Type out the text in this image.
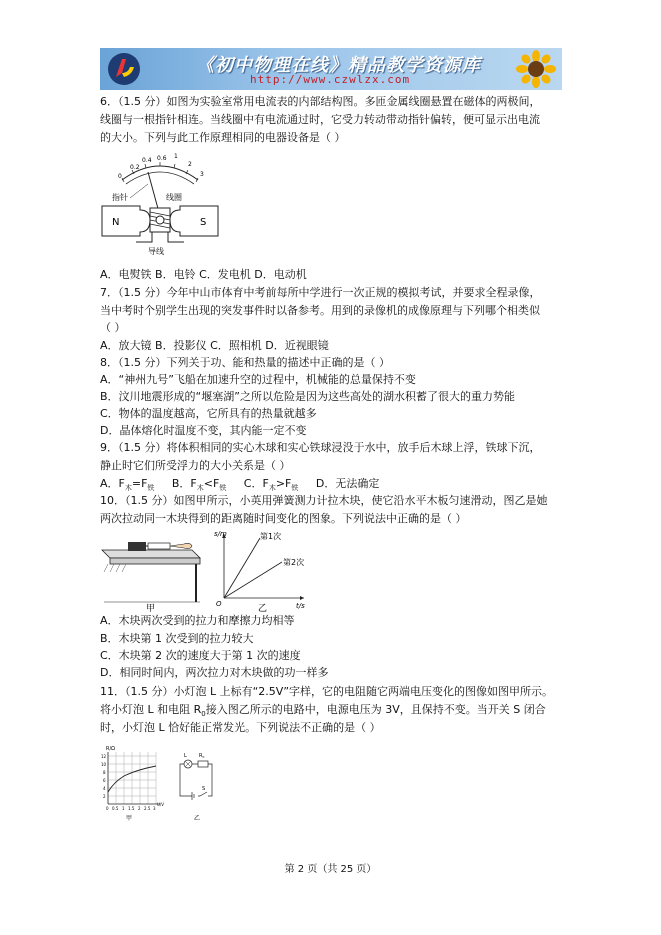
《初中物理在线》精品教学资源库
http://www.czwlzx.com
6．（1.5 分）如图为实验室常用电流表的内部结构图。多匝金属线圈悬置在磁体的两极间，
线圈与一根指针相连。当线圈中有电流通过时，它受力转动带动指针偏转，便可显示出电流
的大小。下列与此工作原理相同的电器设备是（ ）
0
0.2
0.4 0.6 1
2
3
指针	线圈
N	S
导线
A．电熨铁 B．电铃 C．发电机 D．电动机
7．（1.5 分）今年中山市体育中考前每所中学进行一次正规的模拟考试，并要求全程录像，
当中考时个别学生出现的突发事件时以备参考。用到的录像机的成像原理与下列哪个相类似
（ ）
A．放大镜 B．投影仪 C．照相机 D．近视眼镜
8．（1.5 分）下列关于功、能和热量的描述中正确的是（ ）
A．“神州九号”飞船在加速升空的过程中，机械能的总量保持不变
B．汶川地震形成的“堰塞湖”之所以危险是因为这些高处的湖水积蓄了很大的重力势能
C．物体的温度越高，它所具有的热量就越多
D．晶体熔化时温度不变，其内能一定不变
9．（1.5 分）将体积相同的实心木球和实心铁球浸没于水中，放手后木球上浮，铁球下沉，
静止时它们所受浮力的大小关系是（ ）
A．$F_木=F_铁$ B．$F_木<F_铁$ C．$F_木>F_铁$ D．无法确定
10．（1.5 分）如图甲所示，小英用弹簧测力计拉木块，使它沿水平木板匀速滑动，图乙是她
两次拉动同一木块得到的距离随时间变化的图象。下列说法中正确的是（ ）
甲
s/m
t/s
O
第1次
第2次
乙
A．木块两次受到的拉力和摩擦力均相等
B．木块第 1 次受到的拉力较大
C．木块第 2 次的速度大于第 1 次的速度
D．相同时间内，两次拉力对木块做的功一样多
11．（1.5 分）小灯泡 L 上标有“2.5V”字样，它的电阻随它两端电压变化的图像如图甲所示。
将小灯泡 L 和电阻 $R_0$接入图乙所示的电路中，电源电压为 3V，且保持不变。当开关 S 闭合
时，小灯泡 L 恰好能正常发光。下列说法不正确的是（ ）
R/Ω
12
10
8
6
4
2
0 0.5 1 1.5 2 2.5 3
U/V
甲
L $R_0$
S
乙
第 2 页（共 25 页）
